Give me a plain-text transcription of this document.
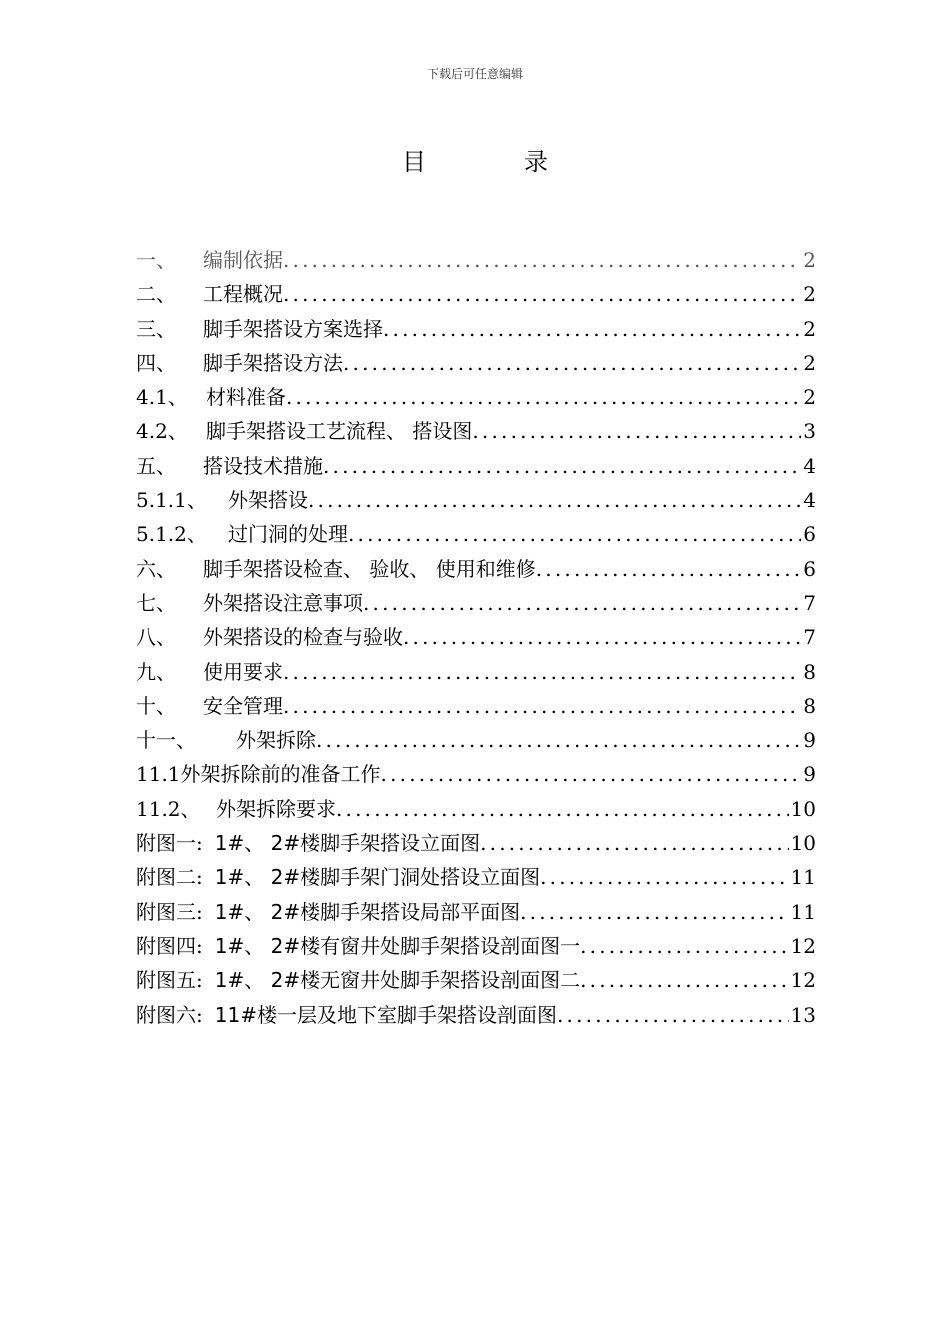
下载后可任意编辑
目	录
一、 编制依据 .....	2
二、 工程概况 .....	2
三、 脚手架搭设方案选择 .....	2
四、 脚手架搭设方法 .....	2
4.1、 材料准备 .....	2
4.2、 脚手架搭设工艺流程、 搭设图 .....	3
五、 搭设技术措施 .....	4
5.1.1、 外架搭设 .....	4
5.1.2、 过门洞的处理 .....	6
六、 脚手架搭设检查、 验收、 使用和维修 .....	6
七、 外架搭设注意事项 .....	7
八、 外架搭设的检查与验收 .....	7
九、 使用要求 .....	8
十、 安全管理 .....	8
十一、 外架拆除 .....	9
11.1外架拆除前的准备工作 .....	9
11.2、 外架拆除要求 .....	10
附图一: 1#、 2#楼脚手架搭设立面图 .....	10
附图二: 1#、 2#楼脚手架门洞处搭设立面图 .....	11
附图三: 1#、 2#楼脚手架搭设局部平面图 .....	11
附图四: 1#、 2#楼有窗井处脚手架搭设剖面图一 .....	12
附图五: 1#、 2#楼无窗井处脚手架搭设剖面图二 .....	12
附图六: 11#楼一层及地下室脚手架搭设剖面图 .....	13
